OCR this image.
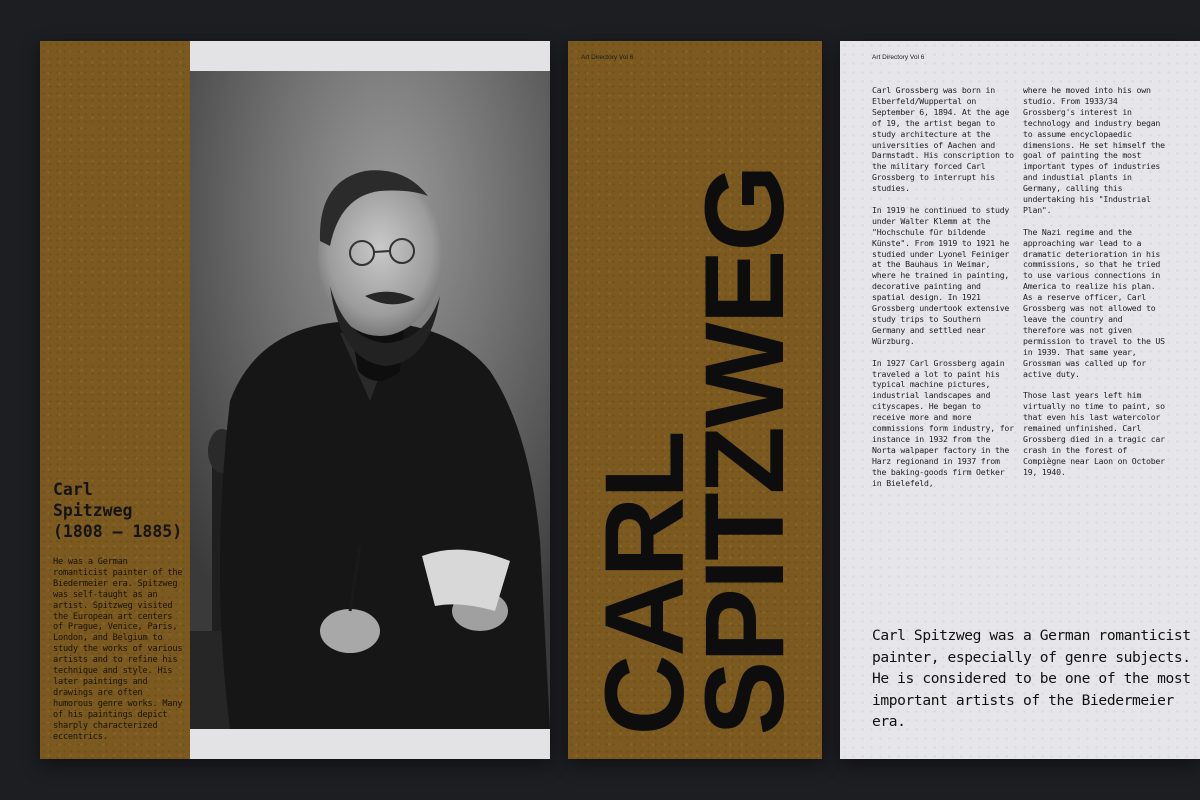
Carl
Spitzweg
(1808 – 1885)
He was a German romanticist painter of the Biedermeier era. Spitzweg was self-taught as an artist. Spitzweg visited the European art centers of Prague, Venice, Paris, London, and Belgium to study the works of various artists and to refine his technique and style. His later paintings and drawings are often humorous genre works. Many of his paintings depict sharply characterized eccentrics.
Art Directory Vol 6
CARL
SPITZWEG
Art Directory Vol 6

Carl Grossberg was born in Elberfeld/Wuppertal on September 6, 1894. At the age of 19, the artist began to study architecture at the universities of Aachen and Darmstadt. His conscription to the military forced Carl Grossberg to interrupt his studies.

In 1919 he continued to study under Walter Klemm at the "Hochschule für bildende Künste". From 1919 to 1921 he studied under Lyonel Feiniger at the Bauhaus in Weimar, where he trained in painting, decorative painting and spatial design. In 1921 Grossberg undertook extensive study trips to Southern Germany and settled near Würzburg.

In 1927 Carl Grossberg again traveled a lot to paint his typical machine pictures, industrial landscapes and cityscapes. He began to receive more and more commissions form industry, for instance in 1932 from the Norta walpaper factory in the Harz regionand in 1937 from the baking-goods firm Oetker in Bielefeld,

where he moved into his own studio. From 1933/34 Grossberg's interest in technology and industry began to assume encyclopaedic dimensions. He set himself the goal of painting the most important types of industries and industial plants in Germany, calling this undertaking his "Industrial Plan".

The Nazi regime and the approaching war lead to a dramatic deterioration in his commissions, so that he tried to use various connections in America to realize his plan. As a reserve officer, Carl Grossberg was not allowed to leave the country and therefore was not given permission to travel to the US in 1939. That same year, Grossman was called up for active duty.

Those last years left him virtually no time to paint, so that even his last watercolor remained unfinished. Carl Grossberg died in a tragic car crash in the forest of Compiègne near Laon on October 19, 1940.

Carl Spitzweg was a German romanticist painter, especially of genre subjects. He is considered to be one of the most important artists of the Biedermeier era.
